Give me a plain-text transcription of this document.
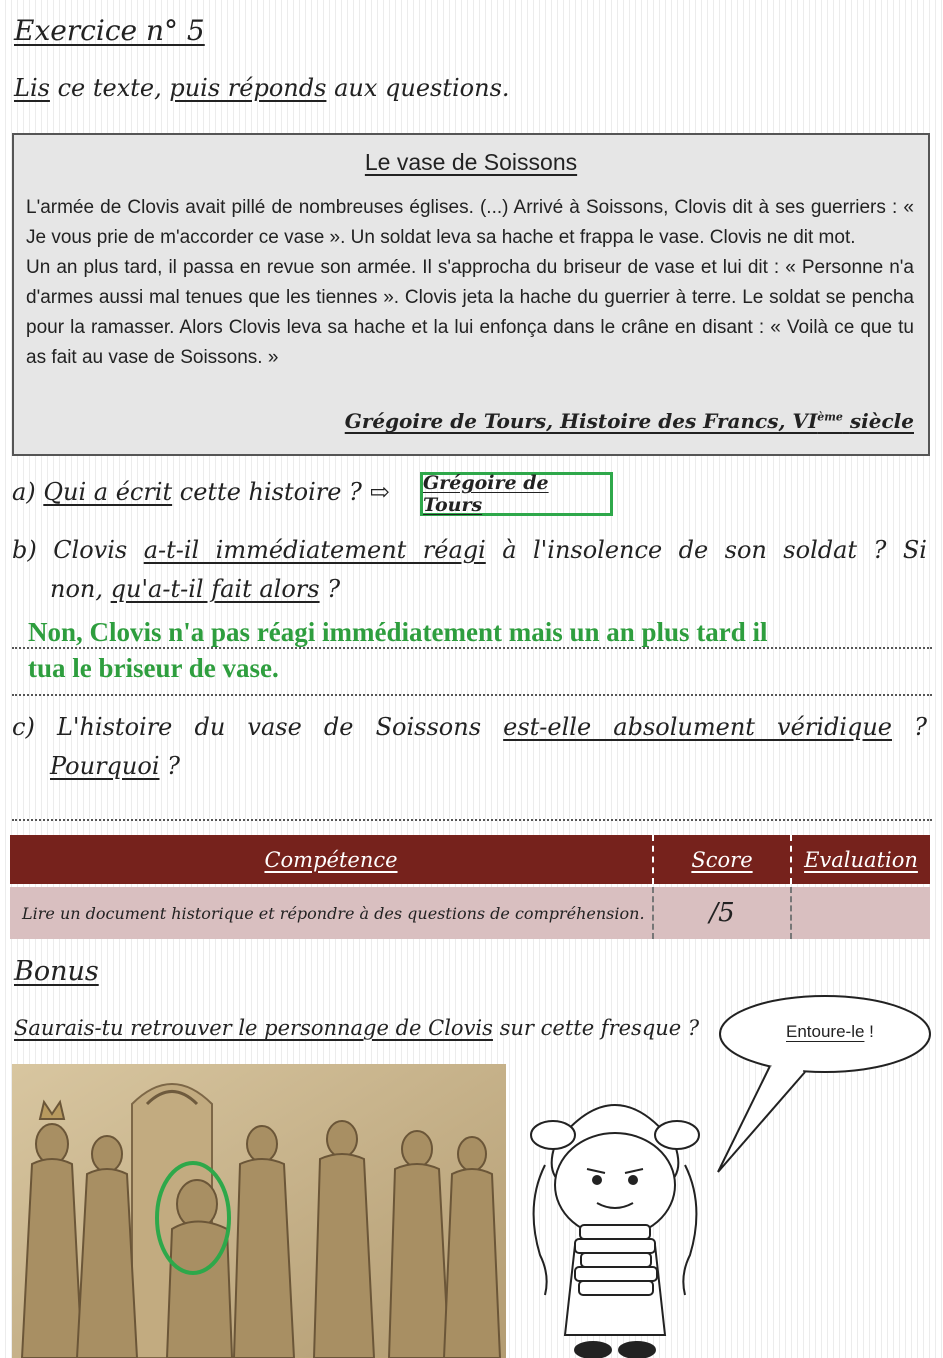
Exercice n° 5
Lis ce texte, puis réponds aux questions.
Le vase de Soissons

L'armée de Clovis avait pillé de nombreuses églises. (...) Arrivé à Soissons, Clovis dit à ses guerriers : « Je vous prie de m'accorder ce vase ». Un soldat leva sa hache et frappa le vase. Clovis ne dit mot.

Un an plus tard, il passa en revue son armée. Il s'approcha du briseur de vase et lui dit : « Personne n'a d'armes aussi mal tenues que les tiennes ». Clovis jeta la hache du guerrier à terre. Le soldat se pencha pour la ramasser. Alors Clovis leva sa hache et la lui enfonça dans le crâne en disant : « Voilà ce que tu as fait au vase de Soissons. »

Grégoire de Tours, Histoire des Francs, VIème siècle
a) Qui a écrit cette histoire ? ⇨ Grégoire de Tours
b) Clovis a-t-il immédiatement réagi à l'insolence de son soldat ? Si
non, qu'a-t-il fait alors ?
Non, Clovis n'a pas réagi immédiatement mais un an plus tard il
tua le briseur de vase.
c) L'histoire du vase de Soissons est-elle absolument véridique ?
Pourquoi ?
Compétence	Score	Evaluation
Lire un document historique et répondre à des questions de compréhension.	/5
Bonus
Saurais-tu retrouver le personnage de Clovis sur cette fresque ?	Entoure-le !
